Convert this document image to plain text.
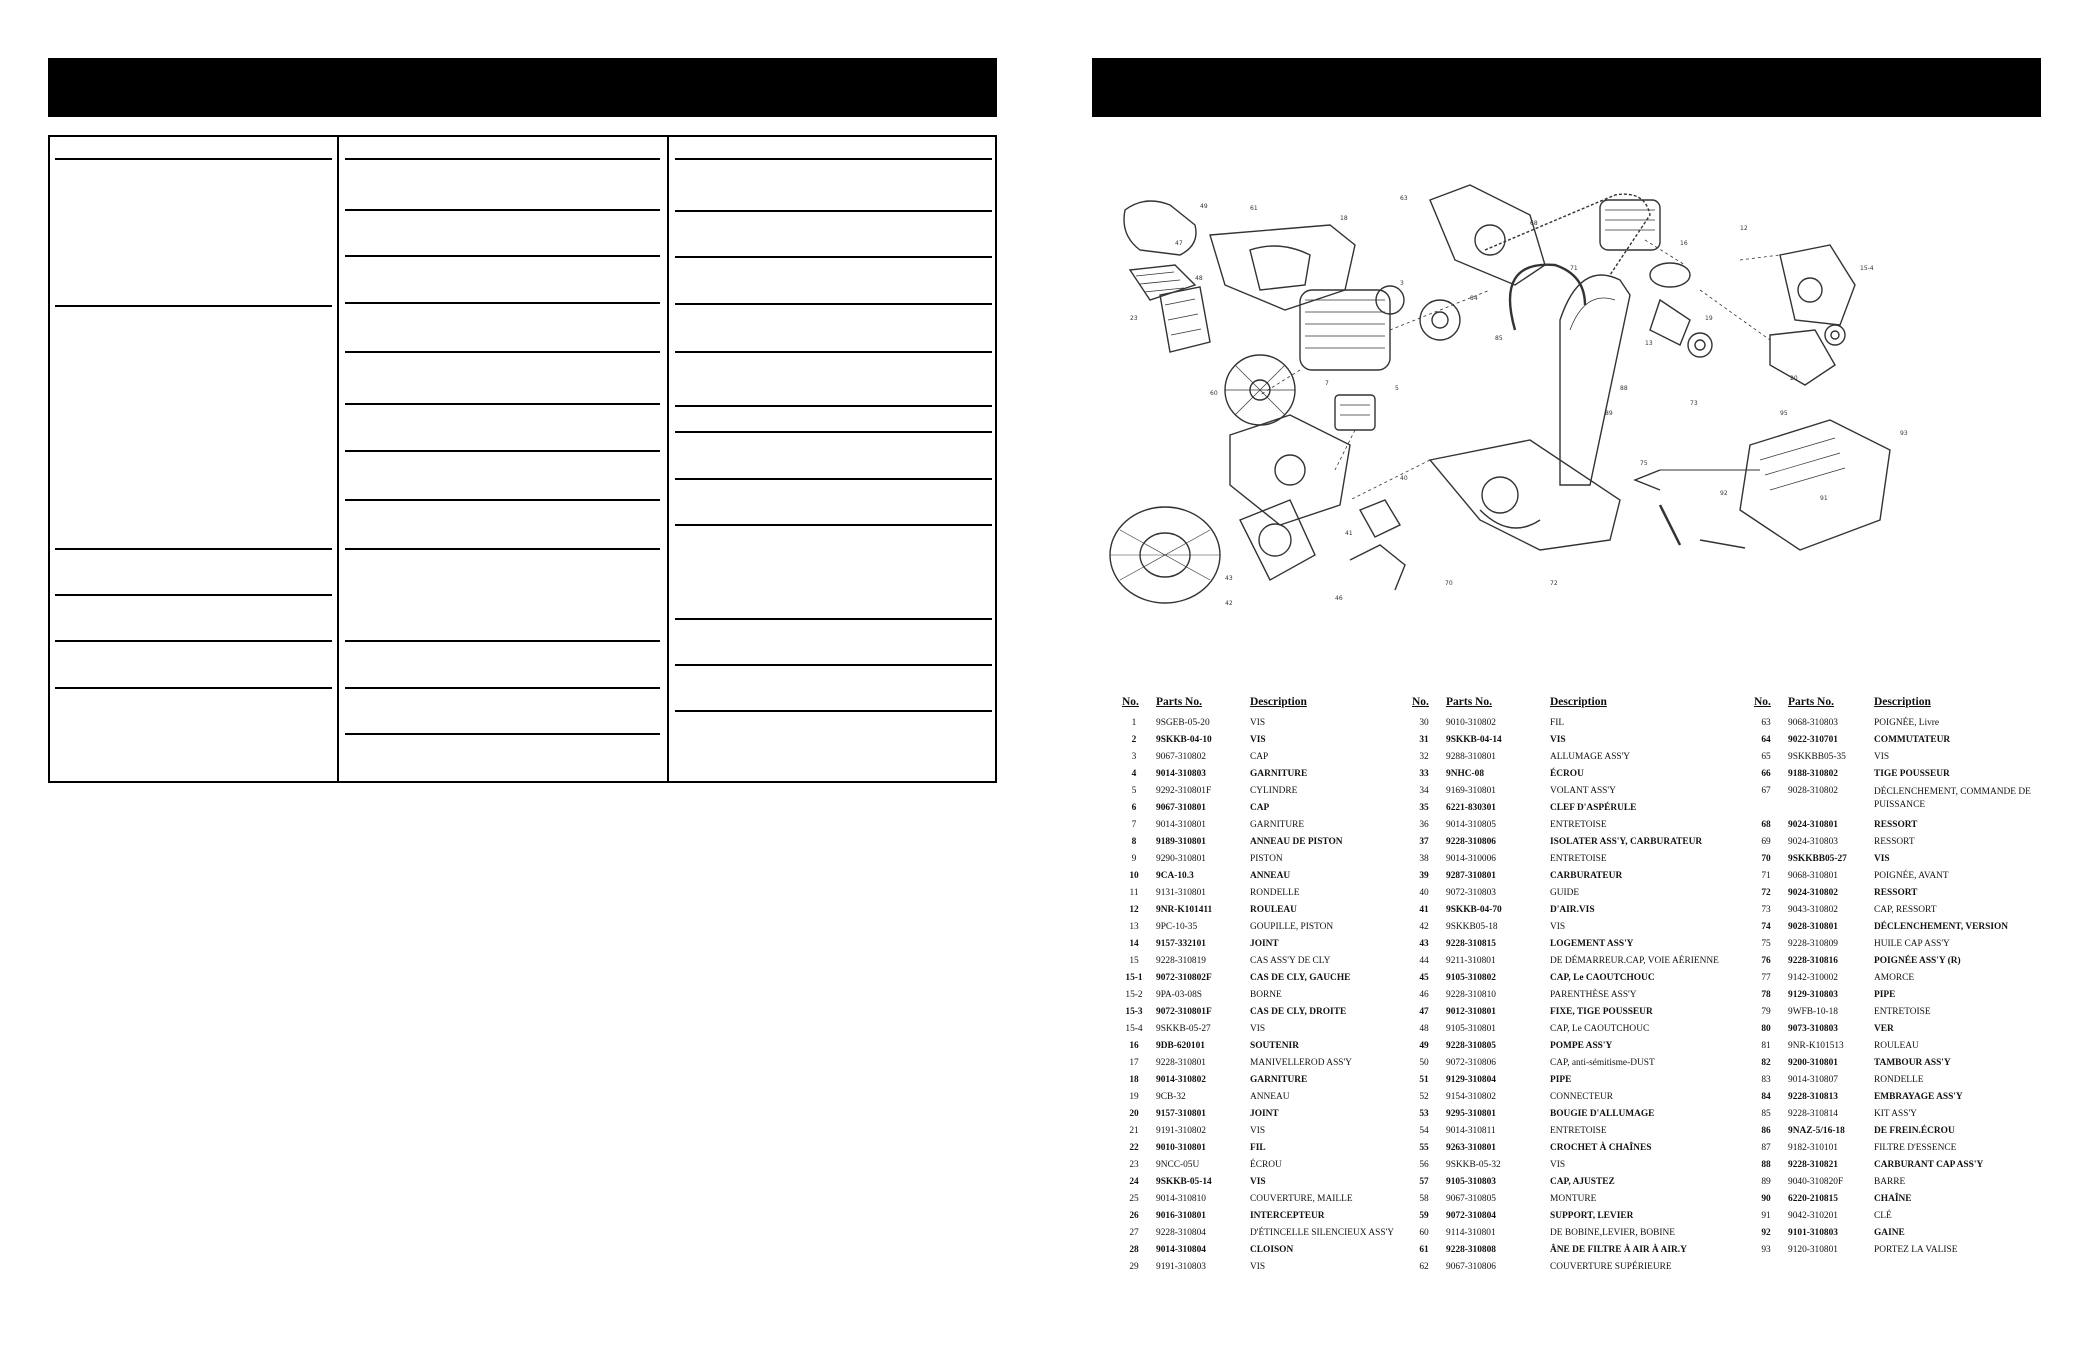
49
47
48
61
18
63
3
5
7
60
23
68
71
84
85
88
89
75
40
41
43
42
46
70	72
73
95
93
91
92
16
12
15-4
20
19
13
No. Parts No.	Description
1	9SGEB-05-20	VIS
2	9SKKB-04-10	VIS
3	9067-310802	CAP
4	9014-310803	GARNITURE
5	9292-310801F	CYLINDRE
6	9067-310801	CAP
7	9014-310801	GARNITURE
8	9189-310801	ANNEAU DE PISTON
9	9290-310801	PISTON
10	9CA-10.3	ANNEAU
11	9131-310801	RONDELLE
12	9NR-K101411	ROULEAU
13	9PC-10-35	GOUPILLE, PISTON
14	9157-332101	JOINT
15	9228-310819	CAS ASS'Y DE CLY
15-1	9072-310802F	CAS DE CLY, GAUCHE
15-2	9PA-03-08S	BORNE
15-3	9072-310801F	CAS DE CLY, DROITE
15-4	9SKKB-05-27	VIS
16	9DB-620101	SOUTENIR
17	9228-310801	MANIVELLEROD ASS'Y
18	9014-310802	GARNITURE
19	9CB-32	ANNEAU
20	9157-310801	JOINT
21	9191-310802	VIS
22	9010-310801	FIL
23	9NCC-05U	ÉCROU
24	9SKKB-05-14	VIS
25	9014-310810	COUVERTURE, MAILLE
26	9016-310801	INTERCEPTEUR
27	9228-310804	D'ÉTINCELLE SILENCIEUX ASS'Y
28	9014-310804	CLOISON
29	9191-310803	VIS
No. Parts No.	Description
30	9010-310802	FIL
31	9SKKB-04-14	VIS
32	9288-310801	ALLUMAGE ASS'Y
33	9NHC-08	ÉCROU
34	9169-310801	VOLANT ASS'Y
35	6221-830301	CLEF D'ASPÉRULE
36	9014-310805	ENTRETOISE
37	9228-310806	ISOLATER ASS'Y, CARBURATEUR
38	9014-310006	ENTRETOISE
39	9287-310801	CARBURATEUR
40	9072-310803	GUIDE
41	9SKKB-04-70	D'AIR.VIS
42	9SKKB05-18	VIS
43	9228-310815	LOGEMENT ASS'Y
44	9211-310801	DE DÉMARREUR.CAP, VOIE AÉRIENNE
45	9105-310802	CAP, Le CAOUTCHOUC
46	9228-310810	PARENTHÈSE ASS'Y
47	9012-310801	FIXE, TIGE POUSSEUR
48	9105-310801	CAP, Le CAOUTCHOUC
49	9228-310805	POMPE ASS'Y
50	9072-310806	CAP, anti-sémitisme-DUST
51	9129-310804	PIPE
52	9154-310802	CONNECTEUR
53	9295-310801	BOUGIE D'ALLUMAGE
54	9014-310811	ENTRETOISE
55	9263-310801	CROCHET À CHAÎNES
56	9SKKB-05-32	VIS
57	9105-310803	CAP, AJUSTEZ
58	9067-310805	MONTURE
59	9072-310804	SUPPORT, LEVIER
60	9114-310801	DE BOBINE,LEVIER, BOBINE
61	9228-310808	ÂNE DE FILTRE À AIR À AIR.Y
62	9067-310806	COUVERTURE SUPÉRIEURE
No. Parts No.	Description
63	9068-310803	POIGNÉE, Livre
64	9022-310701	COMMUTATEUR
65	9SKKBB05-35	VIS
66	9188-310802	TIGE POUSSEUR
67	9028-310802	DÉCLENCHEMENT, COMMANDE DE PUISSANCE
68	9024-310801	RESSORT
69	9024-310803	RESSORT
70	9SKKBB05-27	VIS
71	9068-310801	POIGNÉE, AVANT
72	9024-310802	RESSORT
73	9043-310802	CAP, RESSORT
74	9028-310801	DÉCLENCHEMENT, VERSION
75	9228-310809	HUILE CAP ASS'Y
76	9228-310816	POIGNÉE ASS'Y (R)
77	9142-310002	AMORCE
78	9129-310803	PIPE
79	9WFB-10-18	ENTRETOISE
80	9073-310803	VER
81	9NR-K101513	ROULEAU
82	9200-310801	TAMBOUR ASS'Y
83	9014-310807	RONDELLE
84	9228-310813	EMBRAYAGE ASS'Y
85	9228-310814	KIT ASS'Y
86	9NAZ-5/16-18	DE FREIN.ÉCROU
87	9182-310101	FILTRE D'ESSENCE
88	9228-310821	CARBURANT CAP ASS'Y
89	9040-310820F	BARRE
90	6220-210815	CHAÎNE
91	9042-310201	CLÉ
92	9101-310803	GAINE
93	9120-310801	PORTEZ LA VALISE
